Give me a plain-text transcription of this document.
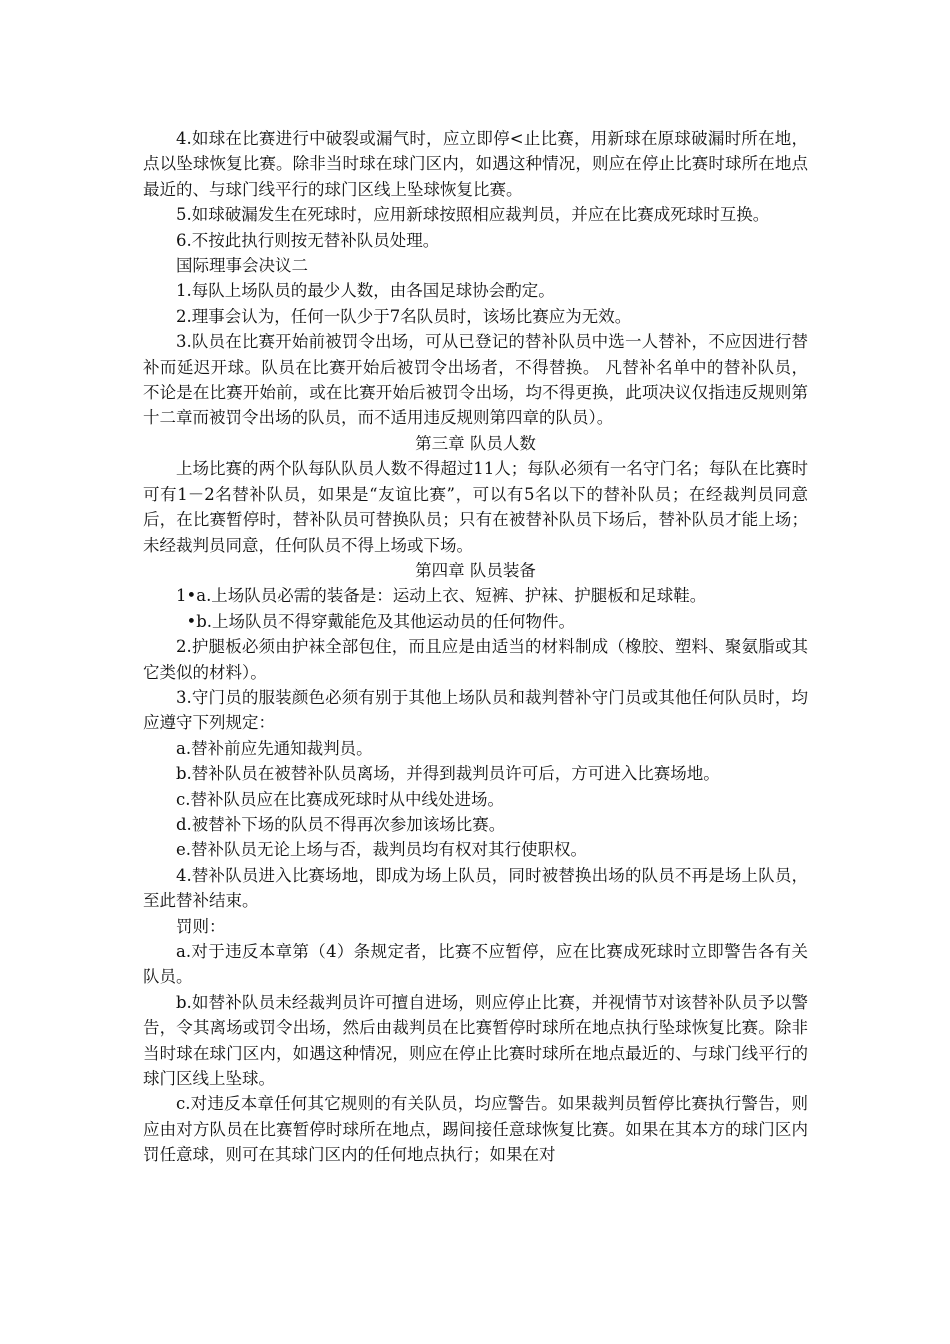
4.如球在比赛进行中破裂或漏气时，应立即停<止比赛，用新球在原球破漏时所在地，点以坠球恢复比赛。除非当时球在球门区内，如遇这种情况，则应在停止比赛时球所在地点最近的、与球门线平行的球门区线上坠球恢复比赛。

5.如球破漏发生在死球时，应用新球按照相应裁判员，并应在比赛成死球时互换。

6.不按此执行则按无替补队员处理。

国际理事会决议二

1.每队上场队员的最少人数，由各国足球协会酌定。

2.理事会认为，任何一队少于7名队员时，该场比赛应为无效。

3.队员在比赛开始前被罚令出场，可从已登记的替补队员中选一人替补，不应因进行替补而延迟开球。队员在比赛开始后被罚令出场者，不得替换。 凡替补名单中的替补队员，不论是在比赛开始前，或在比赛开始后被罚令出场，均不得更换，此项决议仅指违反规则第十二章而被罚令出场的队员，而不适用违反规则第四章的队员）。

第三章 队员人数

上场比赛的两个队每队队员人数不得超过11人；每队必须有一名守门名；每队在比赛时可有1－2名替补队员，如果是“友谊比赛”，可以有5名以下的替补队员；在经裁判员同意后，在比赛暂停时，替补队员可替换队员；只有在被替补队员下场后，替补队员才能上场；未经裁判员同意，任何队员不得上场或下场。

第四章 队员装备

1•a.上场队员必需的装备是：运动上衣、短裤、护袜、护腿板和足球鞋。

•b.上场队员不得穿戴能危及其他运动员的任何物件。

2.护腿板必须由护袜全部包住，而且应是由适当的材料制成（橡胶、塑料、聚氨脂或其它类似的材料）。

3.守门员的服装颜色必须有别于其他上场队员和裁判替补守门员或其他任何队员时，均应遵守下列规定：

a.替补前应先通知裁判员。

b.替补队员在被替补队员离场，并得到裁判员许可后，方可进入比赛场地。

c.替补队员应在比赛成死球时从中线处进场。

d.被替补下场的队员不得再次参加该场比赛。

e.替补队员无论上场与否，裁判员均有权对其行使职权。

4.替补队员进入比赛场地，即成为场上队员，同时被替换出场的队员不再是场上队员，至此替补结束。

罚则：

a.对于违反本章第（4）条规定者，比赛不应暂停，应在比赛成死球时立即警告各有关队员。

b.如替补队员未经裁判员许可擅自进场，则应停止比赛，并视情节对该替补队员予以警告，令其离场或罚令出场，然后由裁判员在比赛暂停时球所在地点执行坠球恢复比赛。除非当时球在球门区内，如遇这种情况，则应在停止比赛时球所在地点最近的、与球门线平行的球门区线上坠球。

c.对违反本章任何其它规则的有关队员，均应警告。如果裁判员暂停比赛执行警告，则应由对方队员在比赛暂停时球所在地点，踢间接任意球恢复比赛。如果在其本方的球门区内罚任意球，则可在其球门区内的任何地点执行；如果在对
